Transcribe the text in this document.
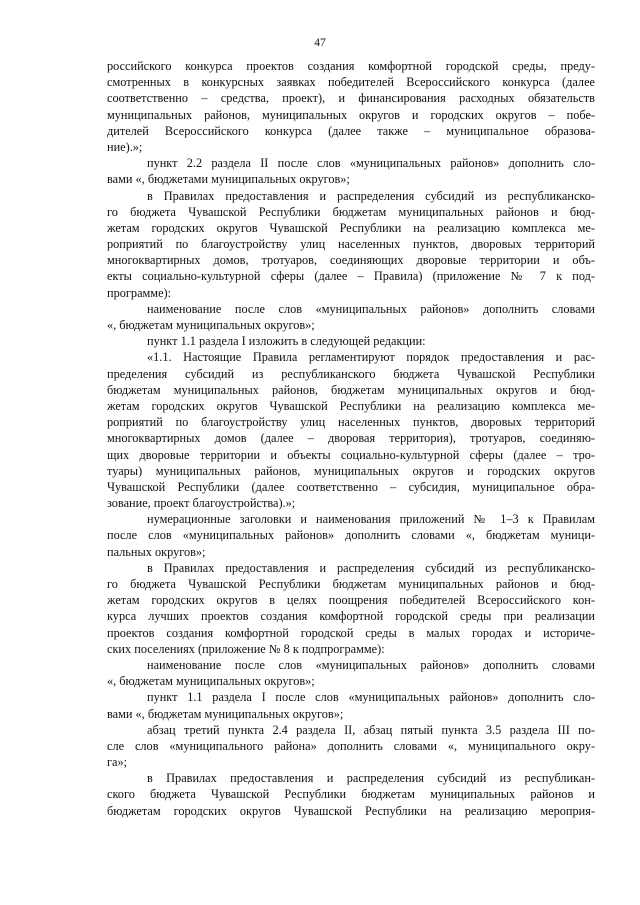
47
российского конкурса проектов создания комфортной городской среды, преду-
смотренных в конкурсных заявках победителей Всероссийского конкурса (далее
соответственно – средства, проект), и финансирования расходных обязательств
муниципальных районов, муниципальных округов и городских округов – побе-
дителей Всероссийского конкурса (далее также – муниципальное образова-
ние).»;
пункт 2.2 раздела II после слов «муниципальных районов» дополнить сло-
вами «, бюджетами муниципальных округов»;
в Правилах предоставления и распределения субсидий из республиканско-
го бюджета Чувашской Республики бюджетам муниципальных районов и бюд-
жетам городских округов Чувашской Республики на реализацию комплекса ме-
роприятий по благоустройству улиц населенных пунктов, дворовых территорий
многоквартирных домов, тротуаров, соединяющих дворовые территории и объ-
екты социально-культурной сферы (далее – Правила) (приложение № 7 к под-
программе):
наименование после слов «муниципальных районов» дополнить словами
«, бюджетам муниципальных округов»;
пункт 1.1 раздела I изложить в следующей редакции:
«1.1. Настоящие Правила регламентируют порядок предоставления и рас-
пределения субсидий из республиканского бюджета Чувашской Республики
бюджетам муниципальных районов, бюджетам муниципальных округов и бюд-
жетам городских округов Чувашской Республики на реализацию комплекса ме-
роприятий по благоустройству улиц населенных пунктов, дворовых территорий
многоквартирных домов (далее – дворовая территория), тротуаров, соединяю-
щих дворовые территории и объекты социально-культурной сферы (далее – тро-
туары) муниципальных районов, муниципальных округов и городских округов
Чувашской Республики (далее соответственно – субсидия, муниципальное обра-
зование, проект благоустройства).»;
нумерационные заголовки и наименования приложений № 1–3 к Правилам
после слов «муниципальных районов» дополнить словами «, бюджетам муници-
пальных округов»;
в Правилах предоставления и распределения субсидий из республиканско-
го бюджета Чувашской Республики бюджетам муниципальных районов и бюд-
жетам городских округов в целях поощрения победителей Всероссийского кон-
курса лучших проектов создания комфортной городской среды при реализации
проектов создания комфортной городской среды в малых городах и историче-
ских поселениях (приложение № 8 к подпрограмме):
наименование после слов «муниципальных районов» дополнить словами
«, бюджетам муниципальных округов»;
пункт 1.1 раздела I после слов «муниципальных районов» дополнить сло-
вами «, бюджетам муниципальных округов»;
абзац третий пункта 2.4 раздела II, абзац пятый пункта 3.5 раздела III по-
сле слов «муниципального района» дополнить словами «, муниципального окру-
га»;
в Правилах предоставления и распределения субсидий из республикан-
ского бюджета Чувашской Республики бюджетам муниципальных районов и
бюджетам городских округов Чувашской Республики на реализацию мероприя-
